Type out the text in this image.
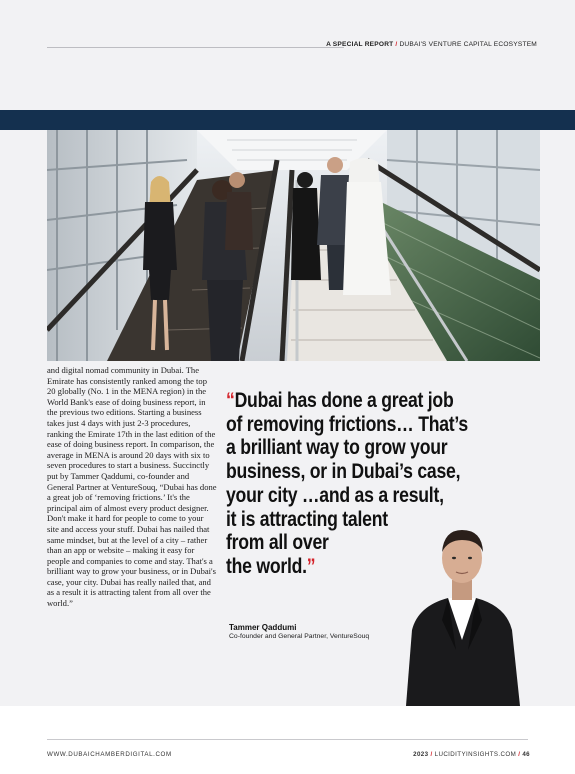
A SPECIAL REPORT / DUBAI'S VENTURE CAPITAL ECOSYSTEM

and digital nomad community in Dubai. The Emirate has consistently ranked among the top 20 globally (No. 1 in the MENA region) in the World Bank's ease of doing business report, in the previous two editions. Starting a business takes just 4 days with just 2-3 procedures, ranking the Emirate 17th in the last edition of the ease of doing business report. In comparison, the average in MENA is around 20 days with six to seven procedures to start a business. Succinctly put by Tammer Qaddumi, co-founder and General Partner at VentureSouq, “Dubai has done a great job of ‘removing frictions.’ It's the principal aim of almost every product designer. Don't make it hard for people to come to your site and access your stuff. Dubai has nailed that same mindset, but at the level of a city – rather than an app or website – making it easy for people and companies to come and stay. That's a brilliant way to grow your business, or in Dubai's case, your city. Dubai has really nailed that, and as a result it is attracting talent from all over the world.”

“Dubai has done a great job
of removing frictions… That’s
a brilliant way to grow your
business, or in Dubai’s case,
your city …and as a result,
it is attracting talent
from all over
the world.”
Tammer Qaddumi
Co-founder and General Partner, VentureSouq
WWW.DUBAICHAMBERDIGITAL.COM	2023 / LUCIDITYINSIGHTS.COM / 46
